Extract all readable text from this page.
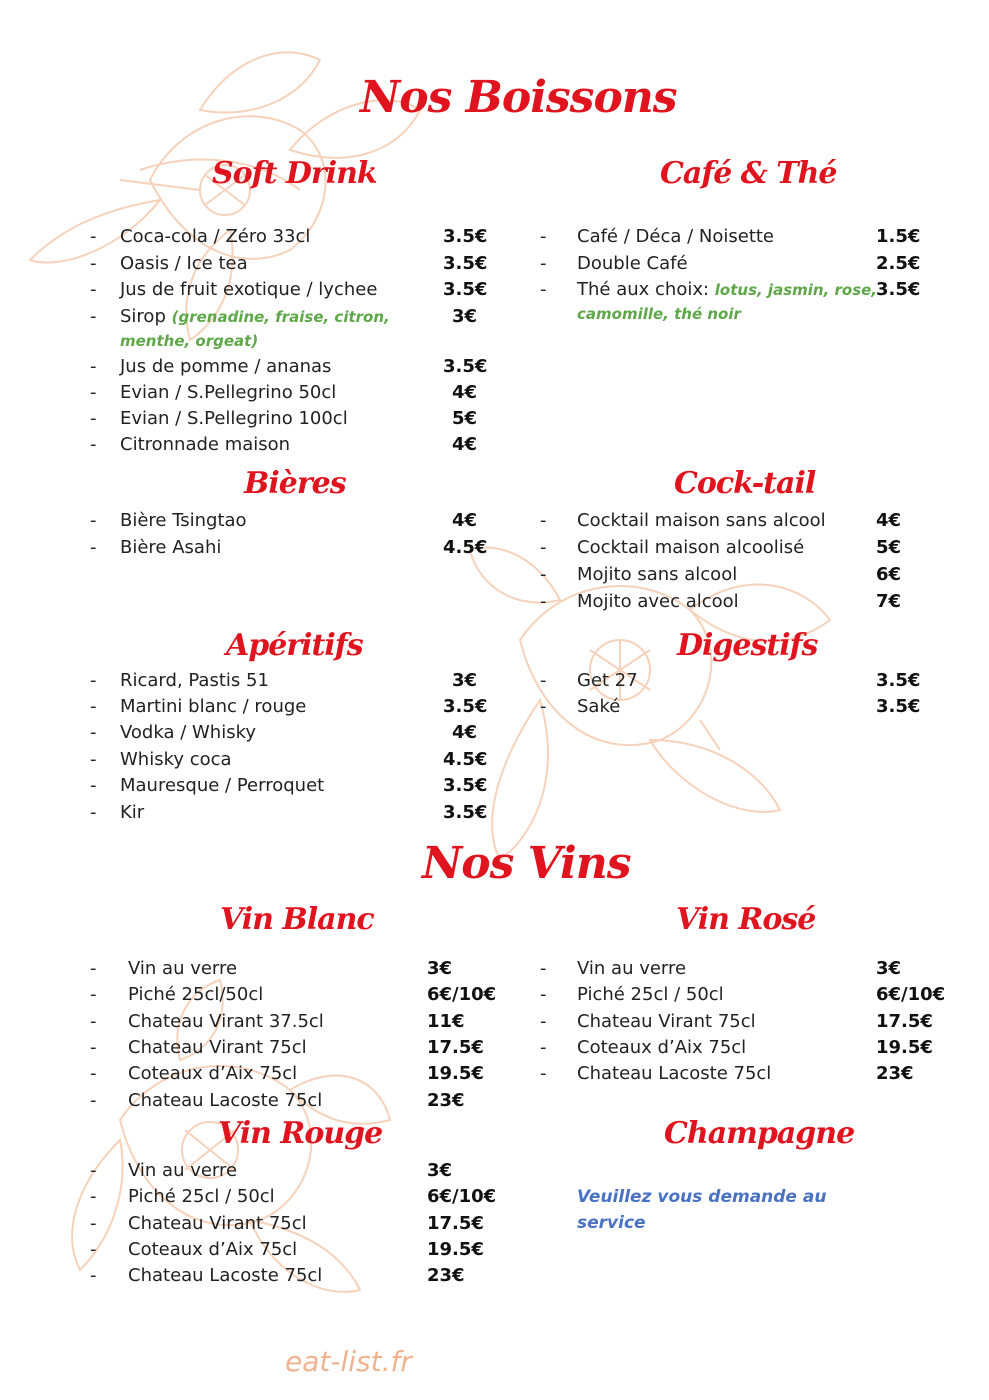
Nos Boissons
Soft Drink	Café & Thé
-	Coca-cola / Zéro 33cl	3.5€
-	Oasis / Ice tea	3.5€
-	Jus de fruit exotique / lychee	3.5€
-	Sirop (grenadine, fraise, citron,	3€
menthe, orgeat)
-	Jus de pomme / ananas	3.5€
-	Evian / S.Pellegrino 50cl	4€
-	Evian / S.Pellegrino 100cl	5€
-	Citronnade maison	4€
-	Café / Déca / Noisette	1.5€
-	Double Café	2.5€
-	Thé aux choix: lotus, jasmin, rose, 3.5€
camomille, thé noir
Bières
-	Bière Tsingtao	4€
-	Bière Asahi	4.5€
Cock-tail
-	Cocktail maison sans alcool	4€
-	Cocktail maison alcoolisé	5€
-	Mojito sans alcool	6€
-	Mojito avec alcool	7€
Apéritifs
-	Ricard, Pastis 51	3€
-	Martini blanc / rouge	3.5€
-	Vodka / Whisky	4€
-	Whisky coca	4.5€
-	Mauresque / Perroquet	3.5€
-	Kir	3.5€
Digestifs
-	Get 27	3.5€
-	Saké	3.5€
Nos Vins
Vin Blanc
-	Vin au verre	3€
-	Piché 25cl/50cl	6€/10€
-	Chateau Virant 37.5cl	11€
-	Chateau Virant 75cl	17.5€
-	Coteaux d’Aix 75cl	19.5€
-	Chateau Lacoste 75cl	23€
Vin Rosé
-	Vin au verre	3€
-	Piché 25cl / 50cl	6€/10€
-	Chateau Virant 75cl	17.5€
-	Coteaux d’Aix 75cl	19.5€
-	Chateau Lacoste 75cl	23€
Vin Rouge
-	Vin au verre	3€
-	Piché 25cl / 50cl	6€/10€
-	Chateau Virant 75cl	17.5€
-	Coteaux d’Aix 75cl	19.5€
-	Chateau Lacoste 75cl	23€
Champagne
Veuillez vous demande au service
eat-list.fr
